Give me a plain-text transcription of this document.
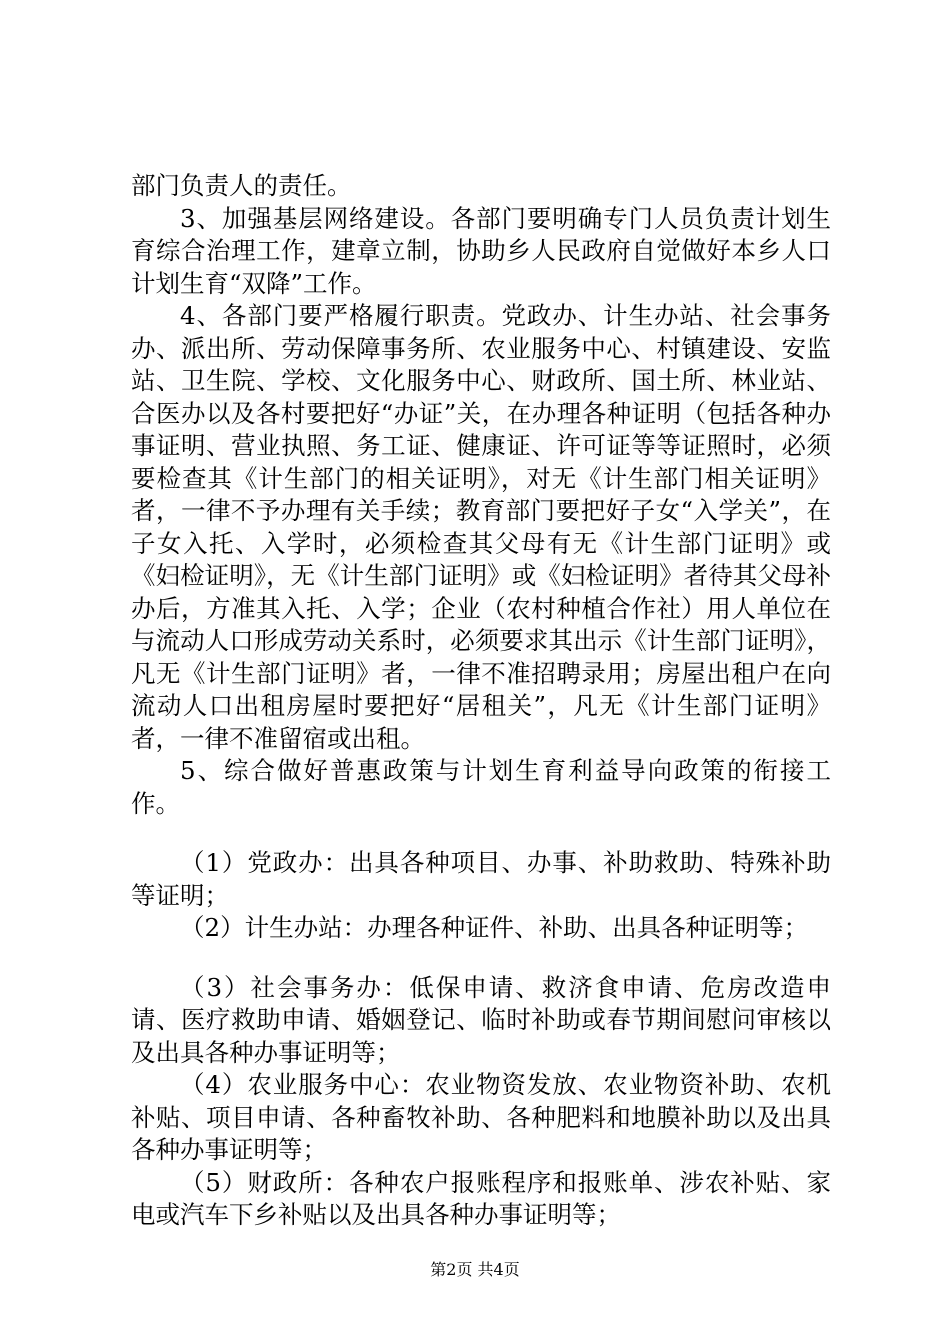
部门负责人的责任。

3、加强基层网络建设。各部门要明确专门人员负责计划生育综合治理工作，建章立制，协助乡人民政府自觉做好本乡人口计划生育“双降”工作。

4、各部门要严格履行职责。党政办、计生办站、社会事务办、派出所、劳动保障事务所、农业服务中心、村镇建设、安监站、卫生院、学校、文化服务中心、财政所、国土所、林业站、合医办以及各村要把好“办证”关，在办理各种证明（包括各种办事证明、营业执照、务工证、健康证、许可证等等证照时，必须要检查其《计生部门的相关证明》，对无《计生部门相关证明》者，一律不予办理有关手续；教育部门要把好子女“入学关”，在子女入托、入学时，必须检查其父母有无《计生部门证明》或《妇检证明》，无《计生部门证明》或《妇检证明》者待其父母补办后，方准其入托、入学；企业（农村种植合作社）用人单位在与流动人口形成劳动关系时，必须要求其出示《计生部门证明》，凡无《计生部门证明》者，一律不准招聘录用；房屋出租户在向流动人口出租房屋时要把好“居租关”，凡无《计生部门证明》者，一律不准留宿或出租。

5、综合做好普惠政策与计划生育利益导向政策的衔接工作。

（1）党政办：出具各种项目、办事、补助救助、特殊补助等证明；

（2）计生办站：办理各种证件、补助、出具各种证明等；

（3）社会事务办：低保申请、救济食申请、危房改造申请、医疗救助申请、婚姻登记、临时补助或春节期间慰问审核以及出具各种办事证明等；

（4）农业服务中心：农业物资发放、农业物资补助、农机补贴、项目申请、各种畜牧补助、各种肥料和地膜补助以及出具各种办事证明等；

（5）财政所：各种农户报账程序和报账单、涉农补贴、家电或汽车下乡补贴以及出具各种办事证明等；

第2页 共4页
